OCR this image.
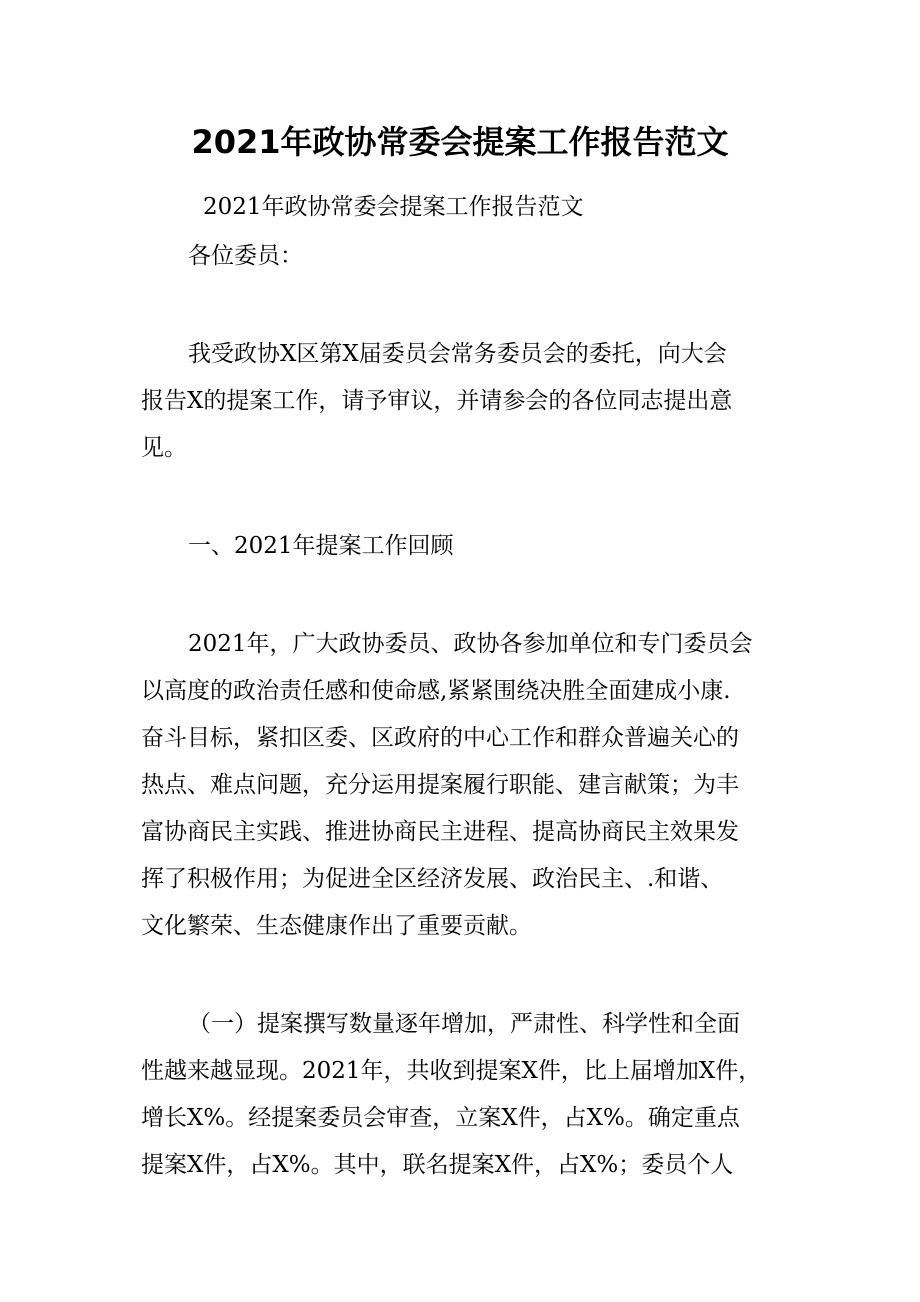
2021年政协常委会提案工作报告范文

2021年政协常委会提案工作报告范文

各位委员：

我受政协X区第X届委员会常务委员会的委托，向大会

报告X的提案工作，请予审议，并请参会的各位同志提出意

见。

一、2021年提案工作回顾

2021年，广大政协委员、政协各参加单位和专门委员会

以高度的政治责任感和使命感,紧紧围绕决胜全面建成小康.

奋斗目标，紧扣区委、区政府的中心工作和群众普遍关心的

热点、难点问题，充分运用提案履行职能、建言献策；为丰

富协商民主实践、推进协商民主进程、提高协商民主效果发

挥了积极作用；为促进全区经济发展、政治民主、.和谐、

文化繁荣、生态健康作出了重要贡献。

（一）提案撰写数量逐年增加，严肃性、科学性和全面

性越来越显现。2021年，共收到提案X件，比上届增加X件，

增长X%。经提案委员会审查，立案X件，占X%。确定重点

提案X件，占X%。其中，联名提案X件，占X%；委员个人
